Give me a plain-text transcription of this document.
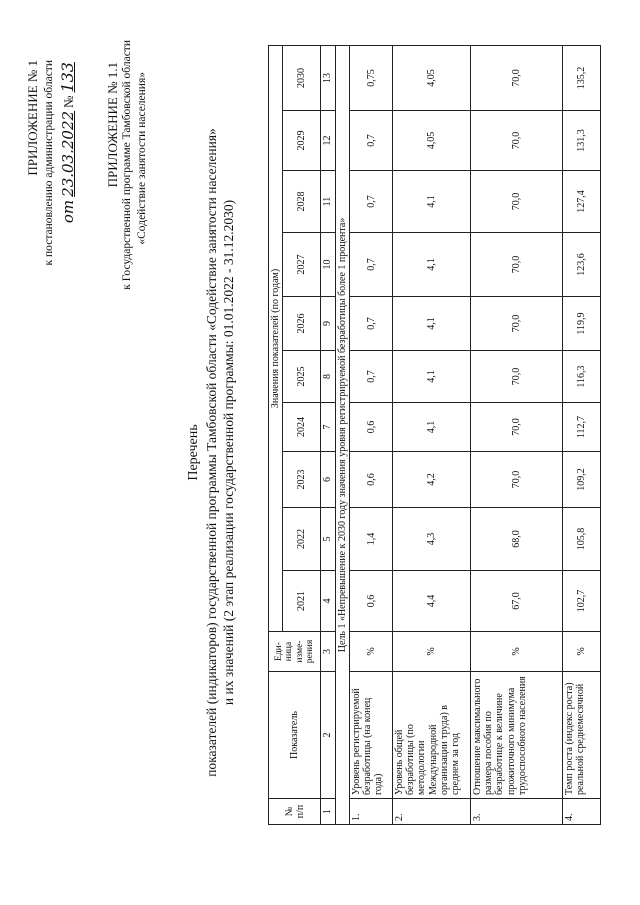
ПРИЛОЖЕНИЕ № 1 к постановлению администрации области от 23.03.2022 № 133 ПРИЛОЖЕНИЕ № 1.1 к Государственной программе Тамбовской области «Содействие занятости населения»
Перечень показателей (индикаторов) государственной программы Тамбовской области «Содействие занятости населения» и их значений (2 этап реализации государственной программы: 01.01.2022 - 31.12.2030)
№ п/п	Показатель	Еди-ница изме-рения	Значения показателей (по годам)									
			2021	2022	2023	2024	2025	2026	2027	2028	2029	2030
1	2	3	4	5	6	7	8	9	10	11	12	13
Цель 1 «Непревышение к 2030 году значения уровня регистрируемой безработицы более 1 процента»												
1.	Уровень регистрируемой безработицы (на конец года)	%	0,6	1,4	0,6	0,6	0,7	0,7	0,7	0,7	0,7	0,75
2.	Уровень общей безработицы (по методологии Международной организации труда) в среднем за год	%	4,4	4,3	4,2	4,1	4,1	4,1	4,1	4,1	4,05	4,05
3.	Отношение максимального размера пособия по безработице к величине прожиточного минимума трудоспособного населения	%	67,0	68,0	70,0	70,0	70,0	70,0	70,0	70,0	70,0	70,0
4.	Темп роста (индекс роста) реальной среднемесячной	%	102,7	105,8	109,2	112,7	116,3	119,9	123,6	127,4	131,3	135,2
